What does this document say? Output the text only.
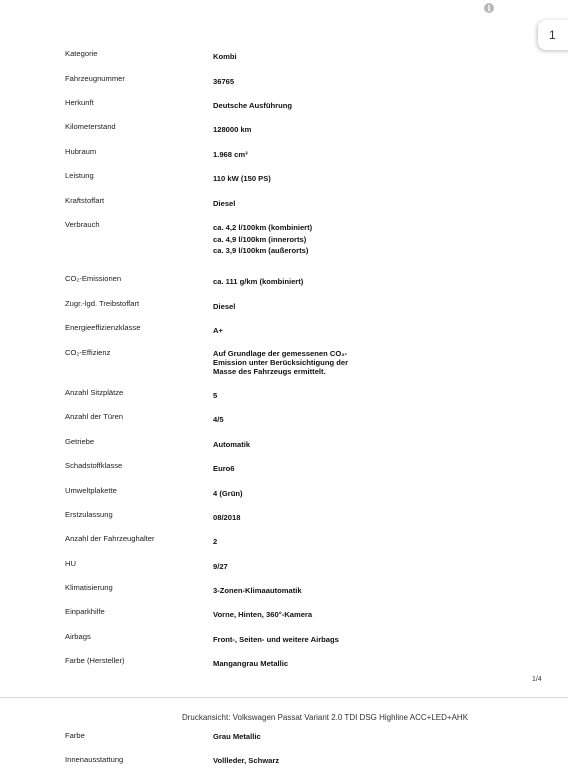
i
1
Kategorie	Kombi
Fahrzeugnummer	36765
Herkunft	Deutsche Ausführung
Kilometerstand	128000 km
Hubraum	1.968 cm³
Leistung	110 kW (150 PS)
Kraftstoffart	Diesel
Verbrauch	ca. 4,2 l/100km (kombiniert)
ca. 4,9 l/100km (innerorts)
ca. 3,9 l/100km (außerorts)
CO₂-Emissionen	ca. 111 g/km (kombiniert)
Zugr.-lgd. Treibstoffart	Diesel
Energieeffizienzklasse	A+
CO₂-Effizienz	Auf Grundlage der gemessenen CO₂-Emission unter Berücksichtigung der Masse des Fahrzeugs ermittelt.
Anzahl Sitzplätze	5
Anzahl der Türen	4/5
Getriebe	Automatik
Schadstoffklasse	Euro6
Umweltplakette	4 (Grün)
Erstzulassung	08/2018
Anzahl der Fahrzeughalter	2
HU	9/27
Klimatisierung	3-Zonen-Klimaautomatik
Einparkhilfe	Vorne, Hinten, 360°-Kamera
Airbags	Front-, Seiten- und weitere Airbags
Farbe (Hersteller)	Mangangrau Metallic
1/4
Druckansicht: Volkswagen Passat Variant 2.0 TDI DSG Highline ACC+LED+AHK
Farbe	Grau Metallic
Innenausstattung	Vollleder, Schwarz
